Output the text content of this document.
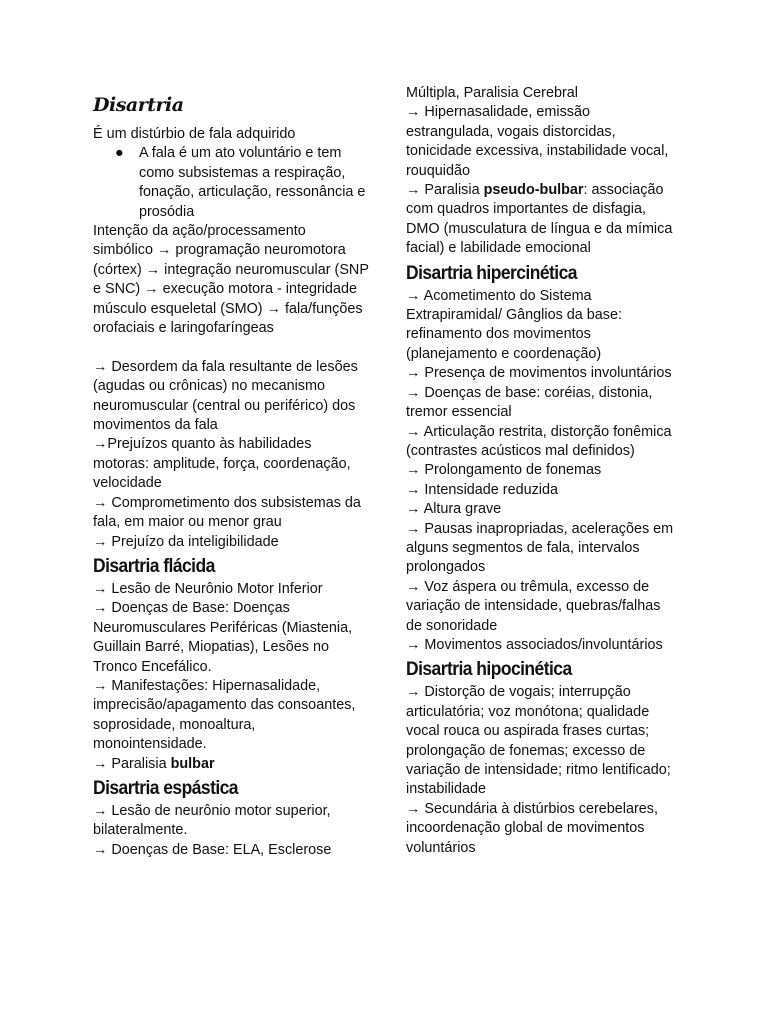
Disartria

É um distúrbio de fala adquirido

● A fala é um ato voluntário e tem como subsistemas a respiração, fonação, articulação, ressonância e prosódia

Intenção da ação/processamento simbólico → programação neuromotora (córtex) → integração neuromuscular (SNP e SNC) → execução motora - integridade músculo esqueletal (SMO) → fala/funções orofaciais e laringofaríngeas

→ Desordem da fala resultante de lesões (agudas ou crônicas) no mecanismo neuromuscular (central ou periférico) dos movimentos da fala

→Prejuízos quanto às habilidades motoras: amplitude, força, coordenação, velocidade

→ Comprometimento dos subsistemas da fala, em maior ou menor grau

→ Prejuízo da inteligibilidade

Disartria flácida

→ Lesão de Neurônio Motor Inferior

→ Doenças de Base: Doenças Neuromusculares Periféricas (Miastenia, Guillain Barré, Miopatias), Lesões no Tronco Encefálico.

→ Manifestações: Hipernasalidade, imprecisão/apagamento das consoantes, soprosidade, monoaltura, monointensidade.

→ Paralisia bulbar

Disartria espástica

→ Lesão de neurônio motor superior, bilateralmente.

→ Doenças de Base: ELA, Esclerose

Múltipla, Paralisia Cerebral

→ Hipernasalidade, emissão estrangulada, vogais distorcidas, tonicidade excessiva, instabilidade vocal, rouquidão

→ Paralisia pseudo-bulbar: associação com quadros importantes de disfagia, DMO (musculatura de língua e da mímica facial) e labilidade emocional

Disartria hipercinética

→ Acometimento do Sistema Extrapiramidal/ Gânglios da base: refinamento dos movimentos (planejamento e coordenação)

→ Presença de movimentos involuntários

→ Doenças de base: coréias, distonia, tremor essencial

→ Articulação restrita, distorção fonêmica (contrastes acústicos mal definidos)

→ Prolongamento de fonemas

→ Intensidade reduzida

→ Altura grave

→ Pausas inapropriadas, acelerações em alguns segmentos de fala, intervalos prolongados

→ Voz áspera ou trêmula, excesso de variação de intensidade, quebras/falhas de sonoridade

→ Movimentos associados/involuntários

Disartria hipocinética

→ Distorção de vogais; interrupção articulatória; voz monótona; qualidade vocal rouca ou aspirada frases curtas; prolongação de fonemas; excesso de variação de intensidade; ritmo lentificado; instabilidade

→ Secundária à distúrbios cerebelares, incoordenação global de movimentos voluntários
